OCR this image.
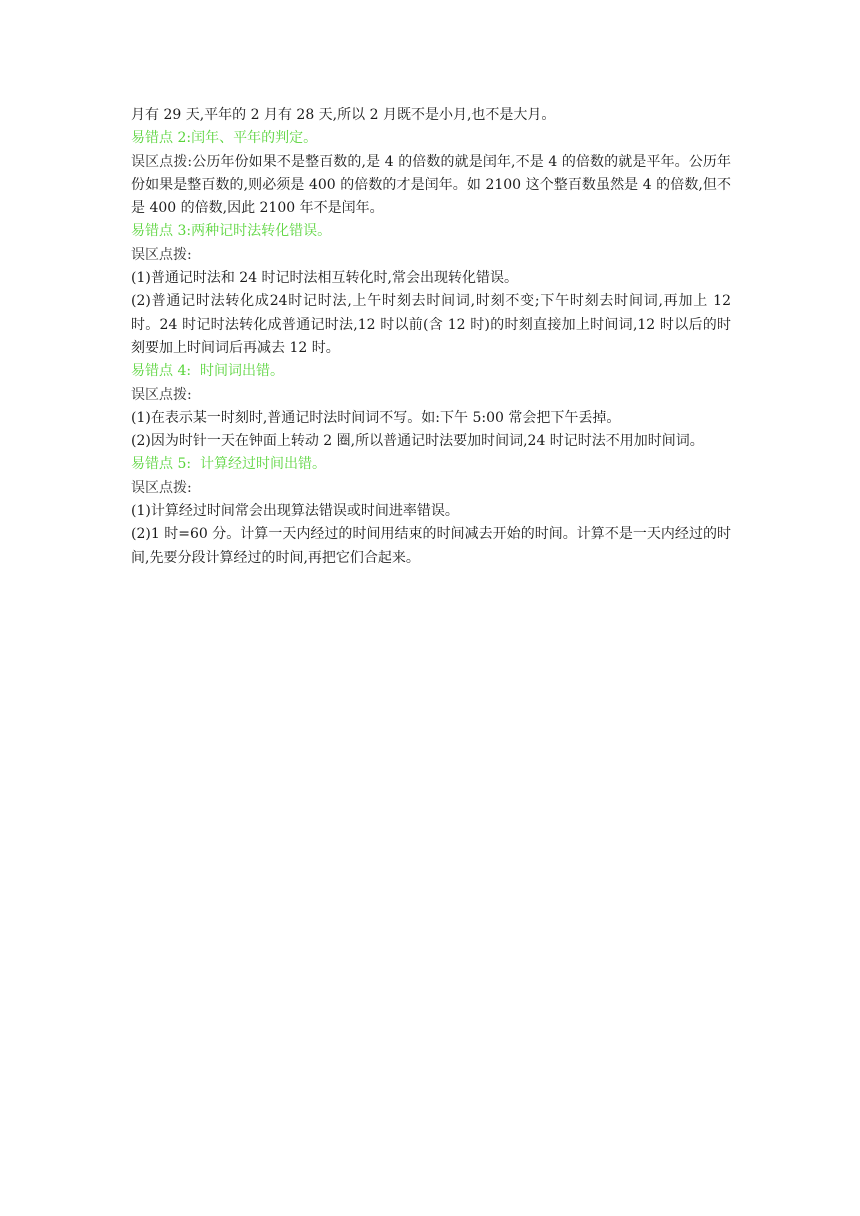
月有 29 天,平年的 2 月有 28 天,所以 2 月既不是小月,也不是大月。
易错点 2:闰年、平年的判定。
误区点拨:公历年份如果不是整百数的,是 4 的倍数的就是闰年,不是 4 的倍数的就是平年。公历年份如果是整百数的,则必须是 400 的倍数的才是闰年。如 2100 这个整百数虽然是 4 的倍数,但不是 400 的倍数,因此 2100 年不是闰年。
易错点 3:两种记时法转化错误。
误区点拨:
(1)普通记时法和 24 时记时法相互转化时,常会出现转化错误。
(2)普通记时法转化成24时记时法,上午时刻去时间词,时刻不变;下午时刻去时间词,再加上 12 时。24 时记时法转化成普通记时法,12 时以前(含 12 时)的时刻直接加上时间词,12 时以后的时刻要加上时间词后再减去 12 时。
易错点 4:  时间词出错。
误区点拨:
(1)在表示某一时刻时,普通记时法时间词不写。如:下午 5:00 常会把下午丢掉。
(2)因为时针一天在钟面上转动 2 圈,所以普通记时法要加时间词,24 时记时法不用加时间词。
易错点 5:  计算经过时间出错。
误区点拨:
(1)计算经过时间常会出现算法错误或时间进率错误。
(2)1 时=60 分。计算一天内经过的时间用结束的时间减去开始的时间。计算不是一天内经过的时间,先要分段计算经过的时间,再把它们合起来。
